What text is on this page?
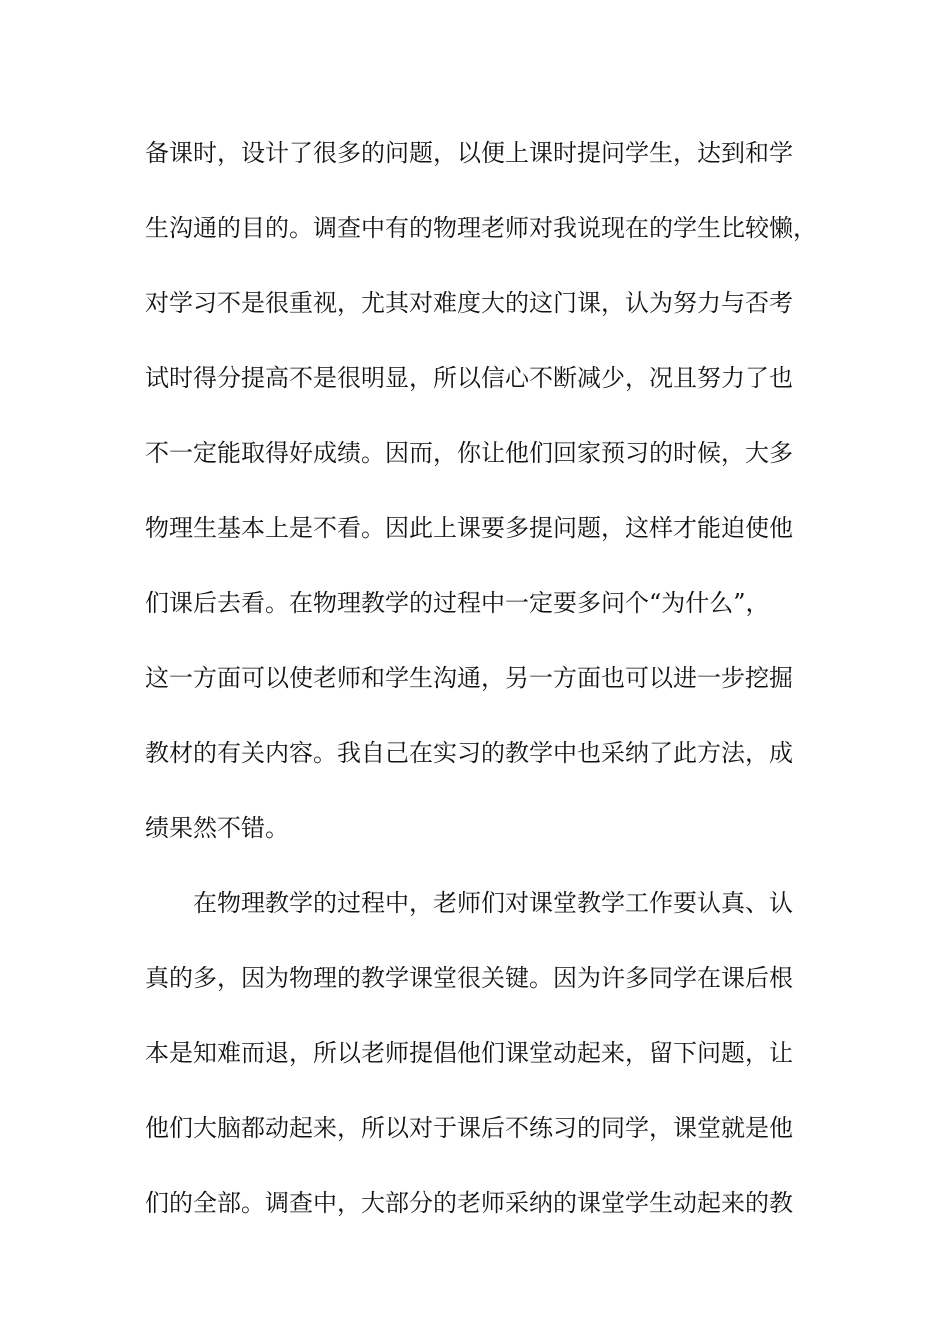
备课时，设计了很多的问题，以便上课时提问学生，达到和学
生沟通的目的。调查中有的物理老师对我说现在的学生比较懒，
对学习不是很重视，尤其对难度大的这门课，认为努力与否考
试时得分提高不是很明显，所以信心不断减少，况且努力了也
不一定能取得好成绩。因而，你让他们回家预习的时候，大多
物理生基本上是不看。因此上课要多提问题，这样才能迫使他
们课后去看。在物理教学的过程中一定要多问个“为什么”，
这一方面可以使老师和学生沟通，另一方面也可以进一步挖掘
教材的有关内容。我自己在实习的教学中也采纳了此方法，成
绩果然不错。
在物理教学的过程中，老师们对课堂教学工作要认真、认
真的多，因为物理的教学课堂很关键。因为许多同学在课后根
本是知难而退，所以老师提倡他们课堂动起来，留下问题，让
他们大脑都动起来，所以对于课后不练习的同学，课堂就是他
们的全部。调查中，大部分的老师采纳的课堂学生动起来的教
